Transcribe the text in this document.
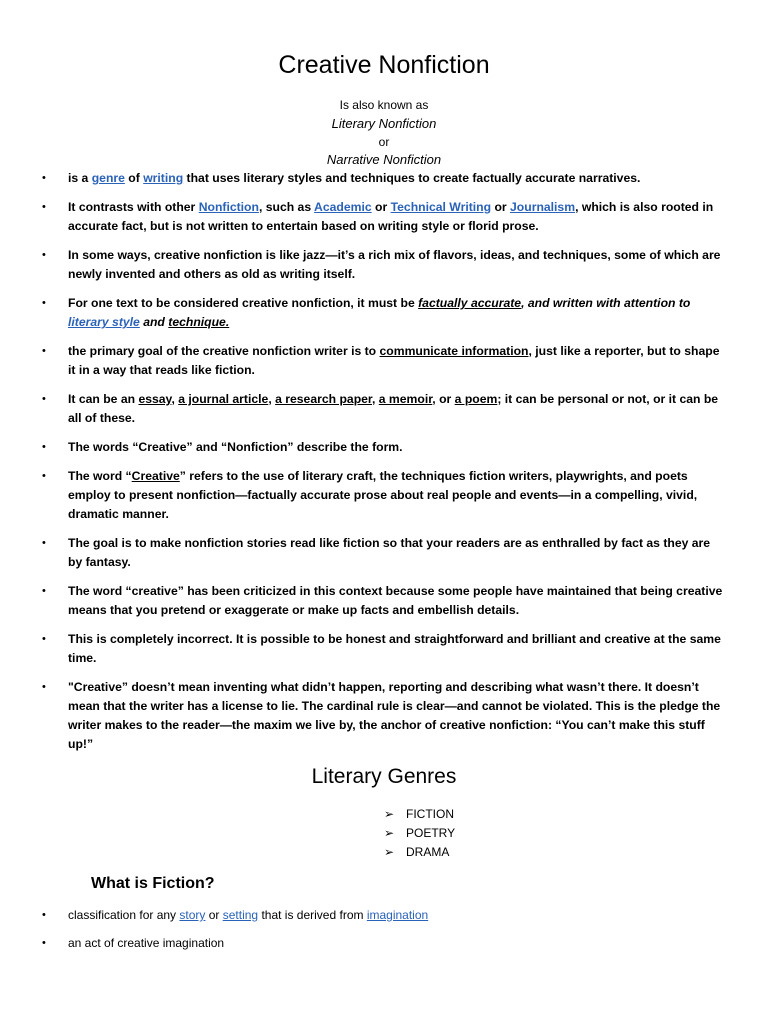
Creative Nonfiction
Is also known as
Literary Nonfiction
or
Narrative Nonfiction
• is a genre of writing that uses literary styles and techniques to create factually accurate narratives.
• It contrasts with other Nonfiction, such as Academic or Technical Writing or Journalism, which is also rooted in accurate fact, but is not written to entertain based on writing style or florid prose.
• In some ways, creative nonfiction is like jazz—it’s a rich mix of flavors, ideas, and techniques, some of which are newly invented and others as old as writing itself.
• For one text to be considered creative nonfiction, it must be factually accurate, and written with attention to literary style and technique.
• the primary goal of the creative nonfiction writer is to communicate information, just like a reporter, but to shape it in a way that reads like fiction.
• It can be an essay, a journal article, a research paper, a memoir, or a poem; it can be personal or not, or it can be all of these.
• The words “Creative” and “Nonfiction” describe the form.
• The word “Creative” refers to the use of literary craft, the techniques fiction writers, playwrights, and poets employ to present nonfiction—factually accurate prose about real people and events—in a compelling, vivid, dramatic manner.
• The goal is to make nonfiction stories read like fiction so that your readers are as enthralled by fact as they are by fantasy.
• The word “creative” has been criticized in this context because some people have maintained that being creative means that you pretend or exaggerate or make up facts and embellish details.
• This is completely incorrect. It is possible to be honest and straightforward and brilliant and creative at the same time.
• "Creative” doesn’t mean inventing what didn’t happen, reporting and describing what wasn’t there. It doesn’t mean that the writer has a license to lie. The cardinal rule is clear—and cannot be violated. This is the pledge the writer makes to the reader—the maxim we live by, the anchor of creative nonfiction: “You can’t make this stuff up!”
Literary Genres
➢ FICTION
➢ POETRY
➢ DRAMA
What is Fiction?
• classification for any story or setting that is derived from imagination
• an act of creative imagination
